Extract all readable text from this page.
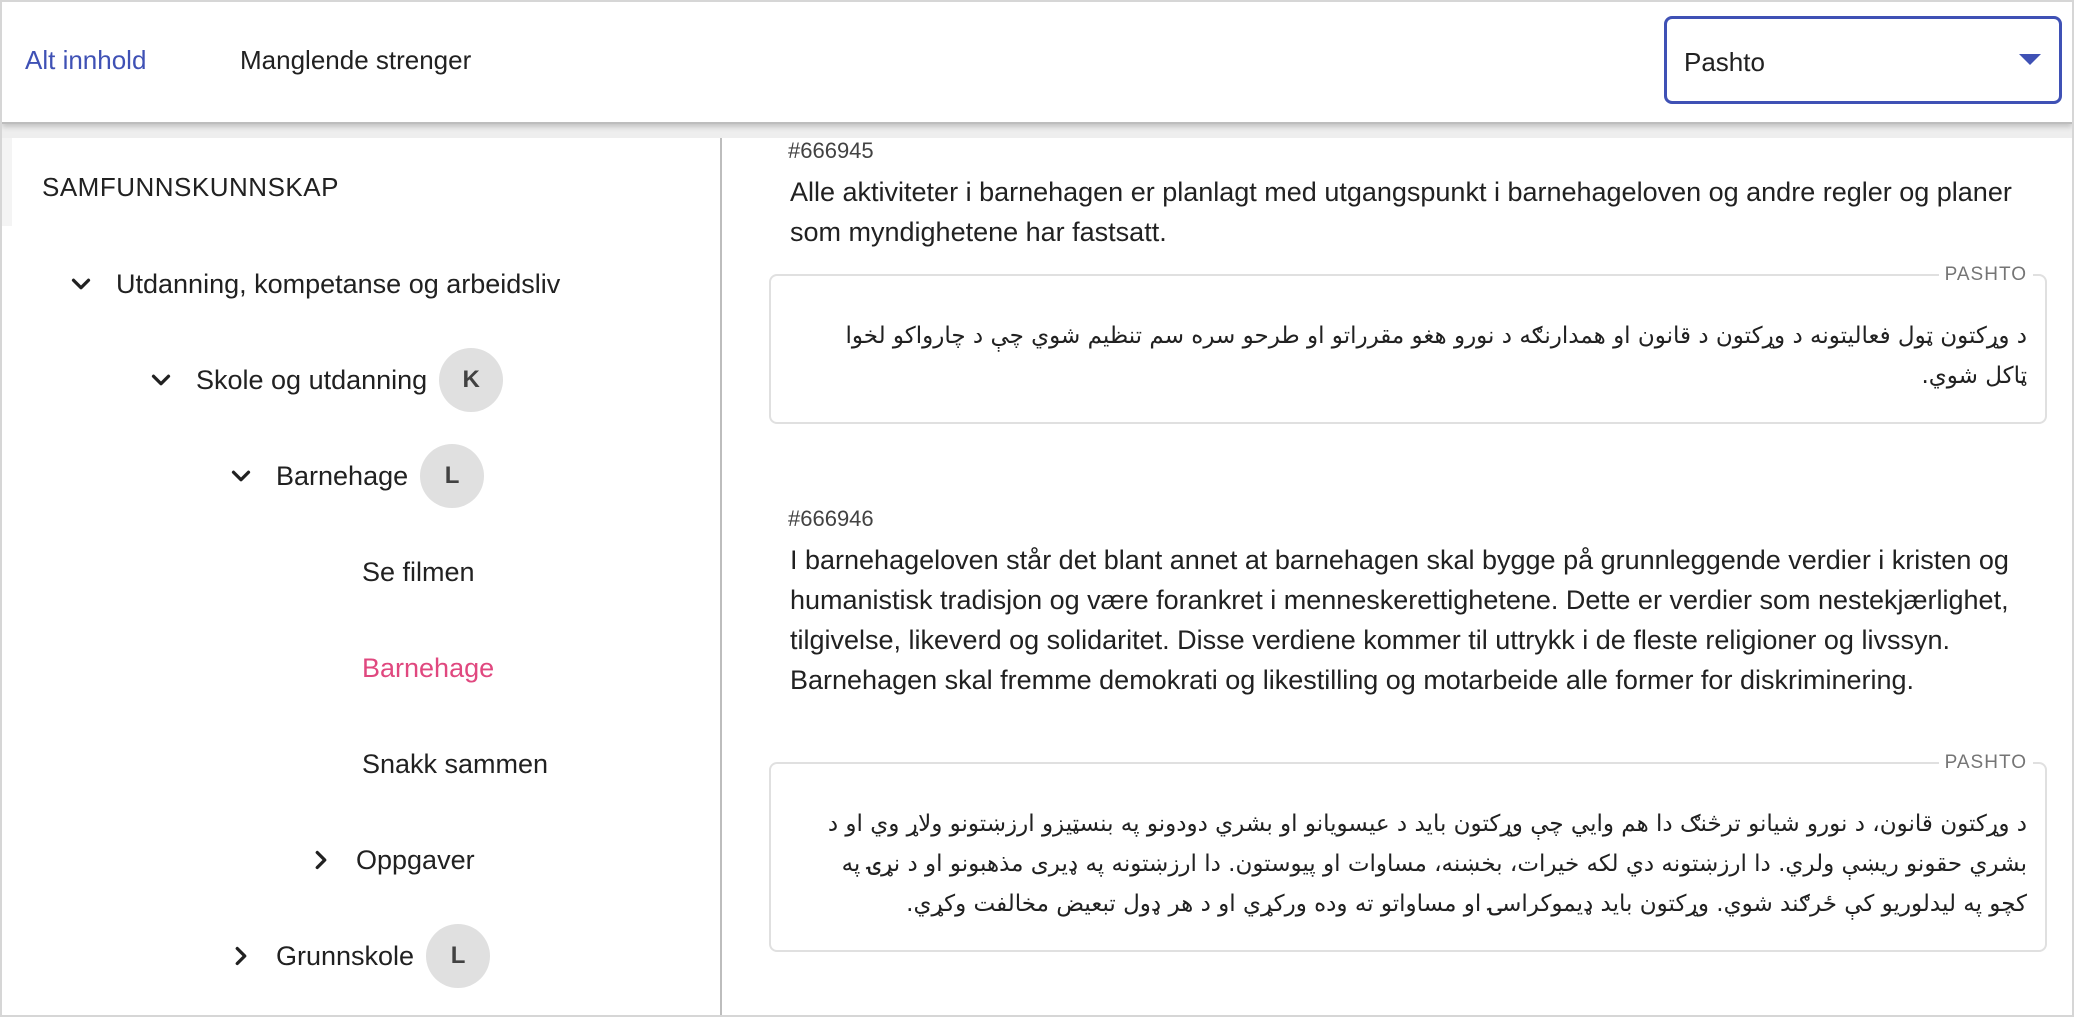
Alt innhold	Manglende strenger	Pashto
SAMFUNNSKUNNSKAP
Utdanning, kompetanse og arbeidsliv
Skole og utdanning	K
Barnehage	L
Se filmen
Barnehage
Snakk sammen
Oppgaver
Grunnskole	L
#666945
Alle aktiviteter i barnehagen er planlagt med utgangspunkt i barnehageloven og andre regler og planer som myndighetene har fastsatt.
PASHTO
د وړکتون ټول فعالیتونه د وړکتون د قانون او همدارنګه د نورو هغو مقرراتو او طرحو سره سم تنظیم شوي چې د چارواکو لخوا ټاکل شوي.
#666946
I barnehageloven står det blant annet at barnehagen skal bygge på grunnleggende verdier i kristen og humanistisk tradisjon og være forankret i menneskerettighetene. Dette er verdier som nestekjærlighet, tilgivelse, likeverd og solidaritet. Disse verdiene kommer til uttrykk i de fleste religioner og livssyn. Barnehagen skal fremme demokrati og likestilling og motarbeide alle former for diskriminering.
PASHTO
د وړکتون قانون، د نورو شیانو ترڅنګ دا هم وايي چې وړکتون باید د عیسویانو او بشري دودونو په بنسټیزو ارزښتونو ولاړ وي او د بشري حقونو ریښې ولري. دا ارزښتونه دي لکه خیرات، بخښنه، مساوات او پیوستون. دا ارزښتونه په ډیری مذهبونو او د نړۍ په کچو په لیدلوریو کې ځرګند شوي. وړکتون باید ډیموکراسۍ او مساواتو ته وده ورکړي او د هر ډول تبعیض مخالفت وکړي.
